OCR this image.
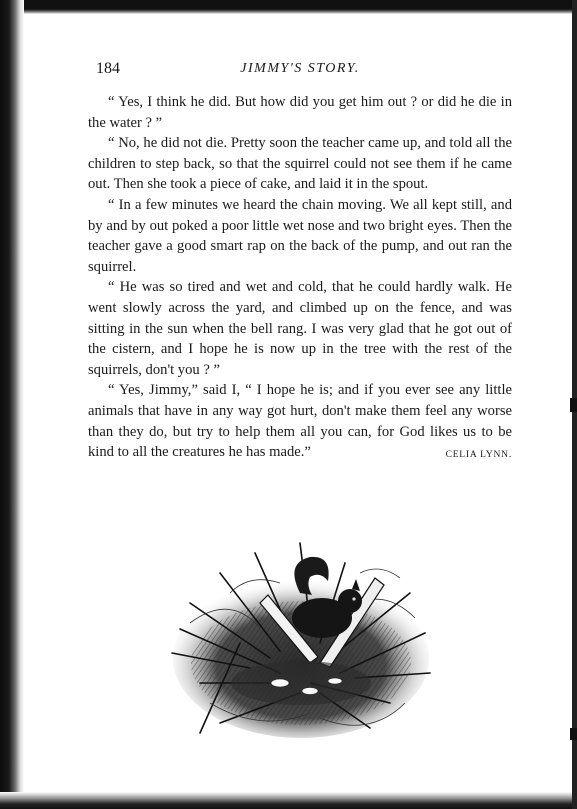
184	JIMMY'S STORY.

“ Yes, I think he did. But how did you get him out ? or did he die in the water ? ”

“ No, he did not die. Pretty soon the teacher came up, and told all the children to step back, so that the squirrel could not see them if he came out. Then she took a piece of cake, and laid it in the spout.

“ In a few minutes we heard the chain moving. We all kept still, and by and by out poked a poor little wet nose and two bright eyes. Then the teacher gave a good smart rap on the back of the pump, and out ran the squirrel.

“ He was so tired and wet and cold, that he could hardly walk. He went slowly across the yard, and climbed up on the fence, and was sitting in the sun when the bell rang. I was very glad that he got out of the cistern, and I hope he is now up in the tree with the rest of the squirrels, don't you ? ”

“ Yes, Jimmy,” said I, “ I hope he is; and if you ever see any little animals that have in any way got hurt, don't make them feel any worse than they do, but try to help them all you can, for God likes us to be kind to all the creatures he has made.”	CELIA LYNN.
